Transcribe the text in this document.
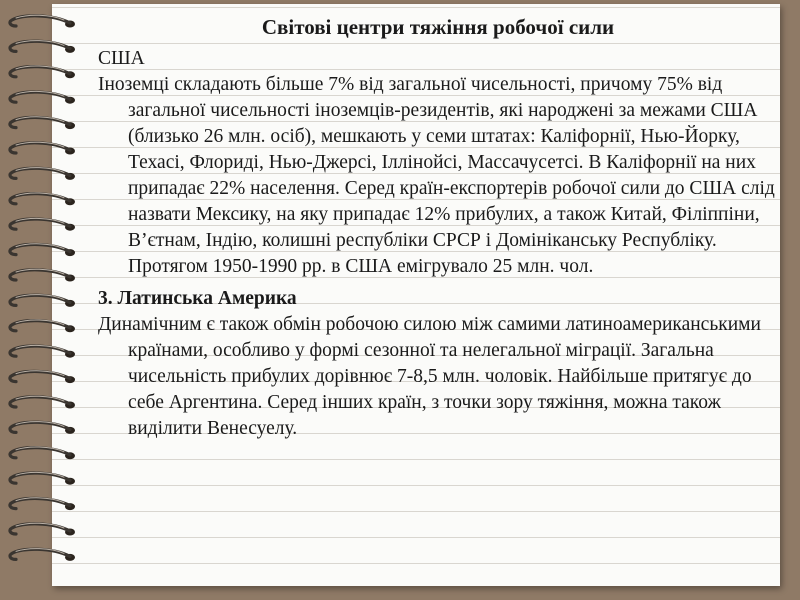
Світові центри тяжіння робочої сили
США
Іноземці складають більше 7% від загальної чисельності, причому 75% від загальної чисельності іноземців-резидентів, які народжені за межами США (близько 26 млн. осіб), мешкають у семи штатах: Каліфорнії, Нью-Йорку, Техасі, Флориді, Нью-Джерсі, Іллінойсі, Массачусетсі. В Каліфорнії на них припадає 22% населення. Серед країн-експортерів робочої сили до США слід назвати Мексику, на яку припадає 12% прибулих, а також Китай, Філіппіни, В’єтнам, Індію, колишні республіки СРСР і Домініканську Республіку. Протягом 1950-1990 рр. в США емігрувало 25 млн. чол.
3. Латинська Америка
Динамічним є також обмін робочою силою між самими латиноамериканськими країнами, особливо у формі сезонної та нелегальної міграції. Загальна чисельність прибулих дорівнює 7-8,5 млн. чоловік. Найбільше притягує до себе Аргентина. Серед інших країн, з точки зору тяжіння, можна також виділити Венесуелу.
